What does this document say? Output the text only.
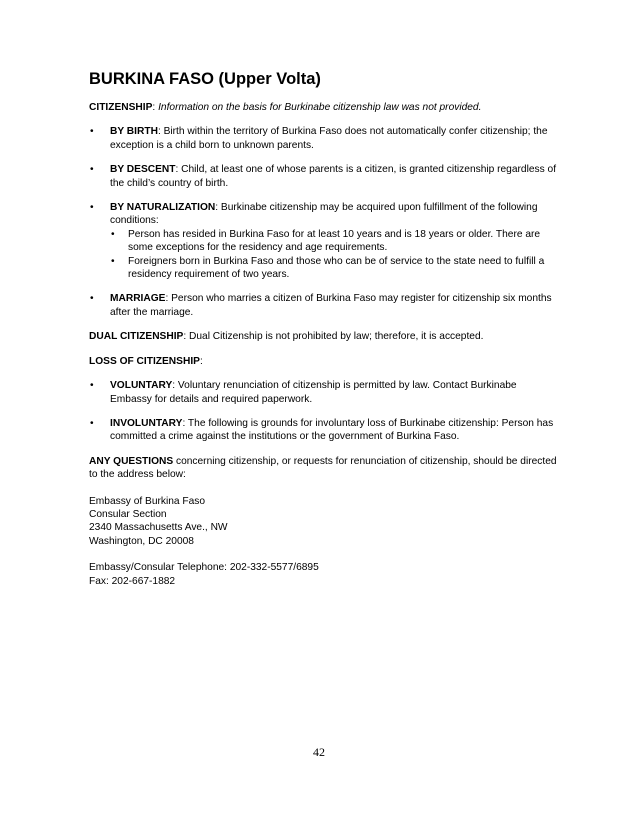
BURKINA FASO (Upper Volta)

CITIZENSHIP: Information on the basis for Burkinabe citizenship law was not provided.

• BY BIRTH: Birth within the territory of Burkina Faso does not automatically confer citizenship; the exception is a child born to unknown parents.
• BY DESCENT: Child, at least one of whose parents is a citizen, is granted citizenship regardless of the child’s country of birth.
• BY NATURALIZATION: Burkinabe citizenship may be acquired upon fulfillment of the following conditions:
• Person has resided in Burkina Faso for at least 10 years and is 18 years or older. There are some exceptions for the residency and age requirements.
• Foreigners born in Burkina Faso and those who can be of service to the state need to fulfill a residency requirement of two years.
• MARRIAGE: Person who marries a citizen of Burkina Faso may register for citizenship six months after the marriage.

DUAL CITIZENSHIP: Dual Citizenship is not prohibited by law; therefore, it is accepted.

LOSS OF CITIZENSHIP:

• VOLUNTARY: Voluntary renunciation of citizenship is permitted by law. Contact Burkinabe Embassy for details and required paperwork.
• INVOLUNTARY: The following is grounds for involuntary loss of Burkinabe citizenship: Person has committed a crime against the institutions or the government of Burkina Faso.

ANY QUESTIONS concerning citizenship, or requests for renunciation of citizenship, should be directed to the address below:

Embassy of Burkina Faso
Consular Section
2340 Massachusetts Ave., NW
Washington, DC 20008
Embassy/Consular Telephone: 202-332-5577/6895
Fax: 202-667-1882
42
